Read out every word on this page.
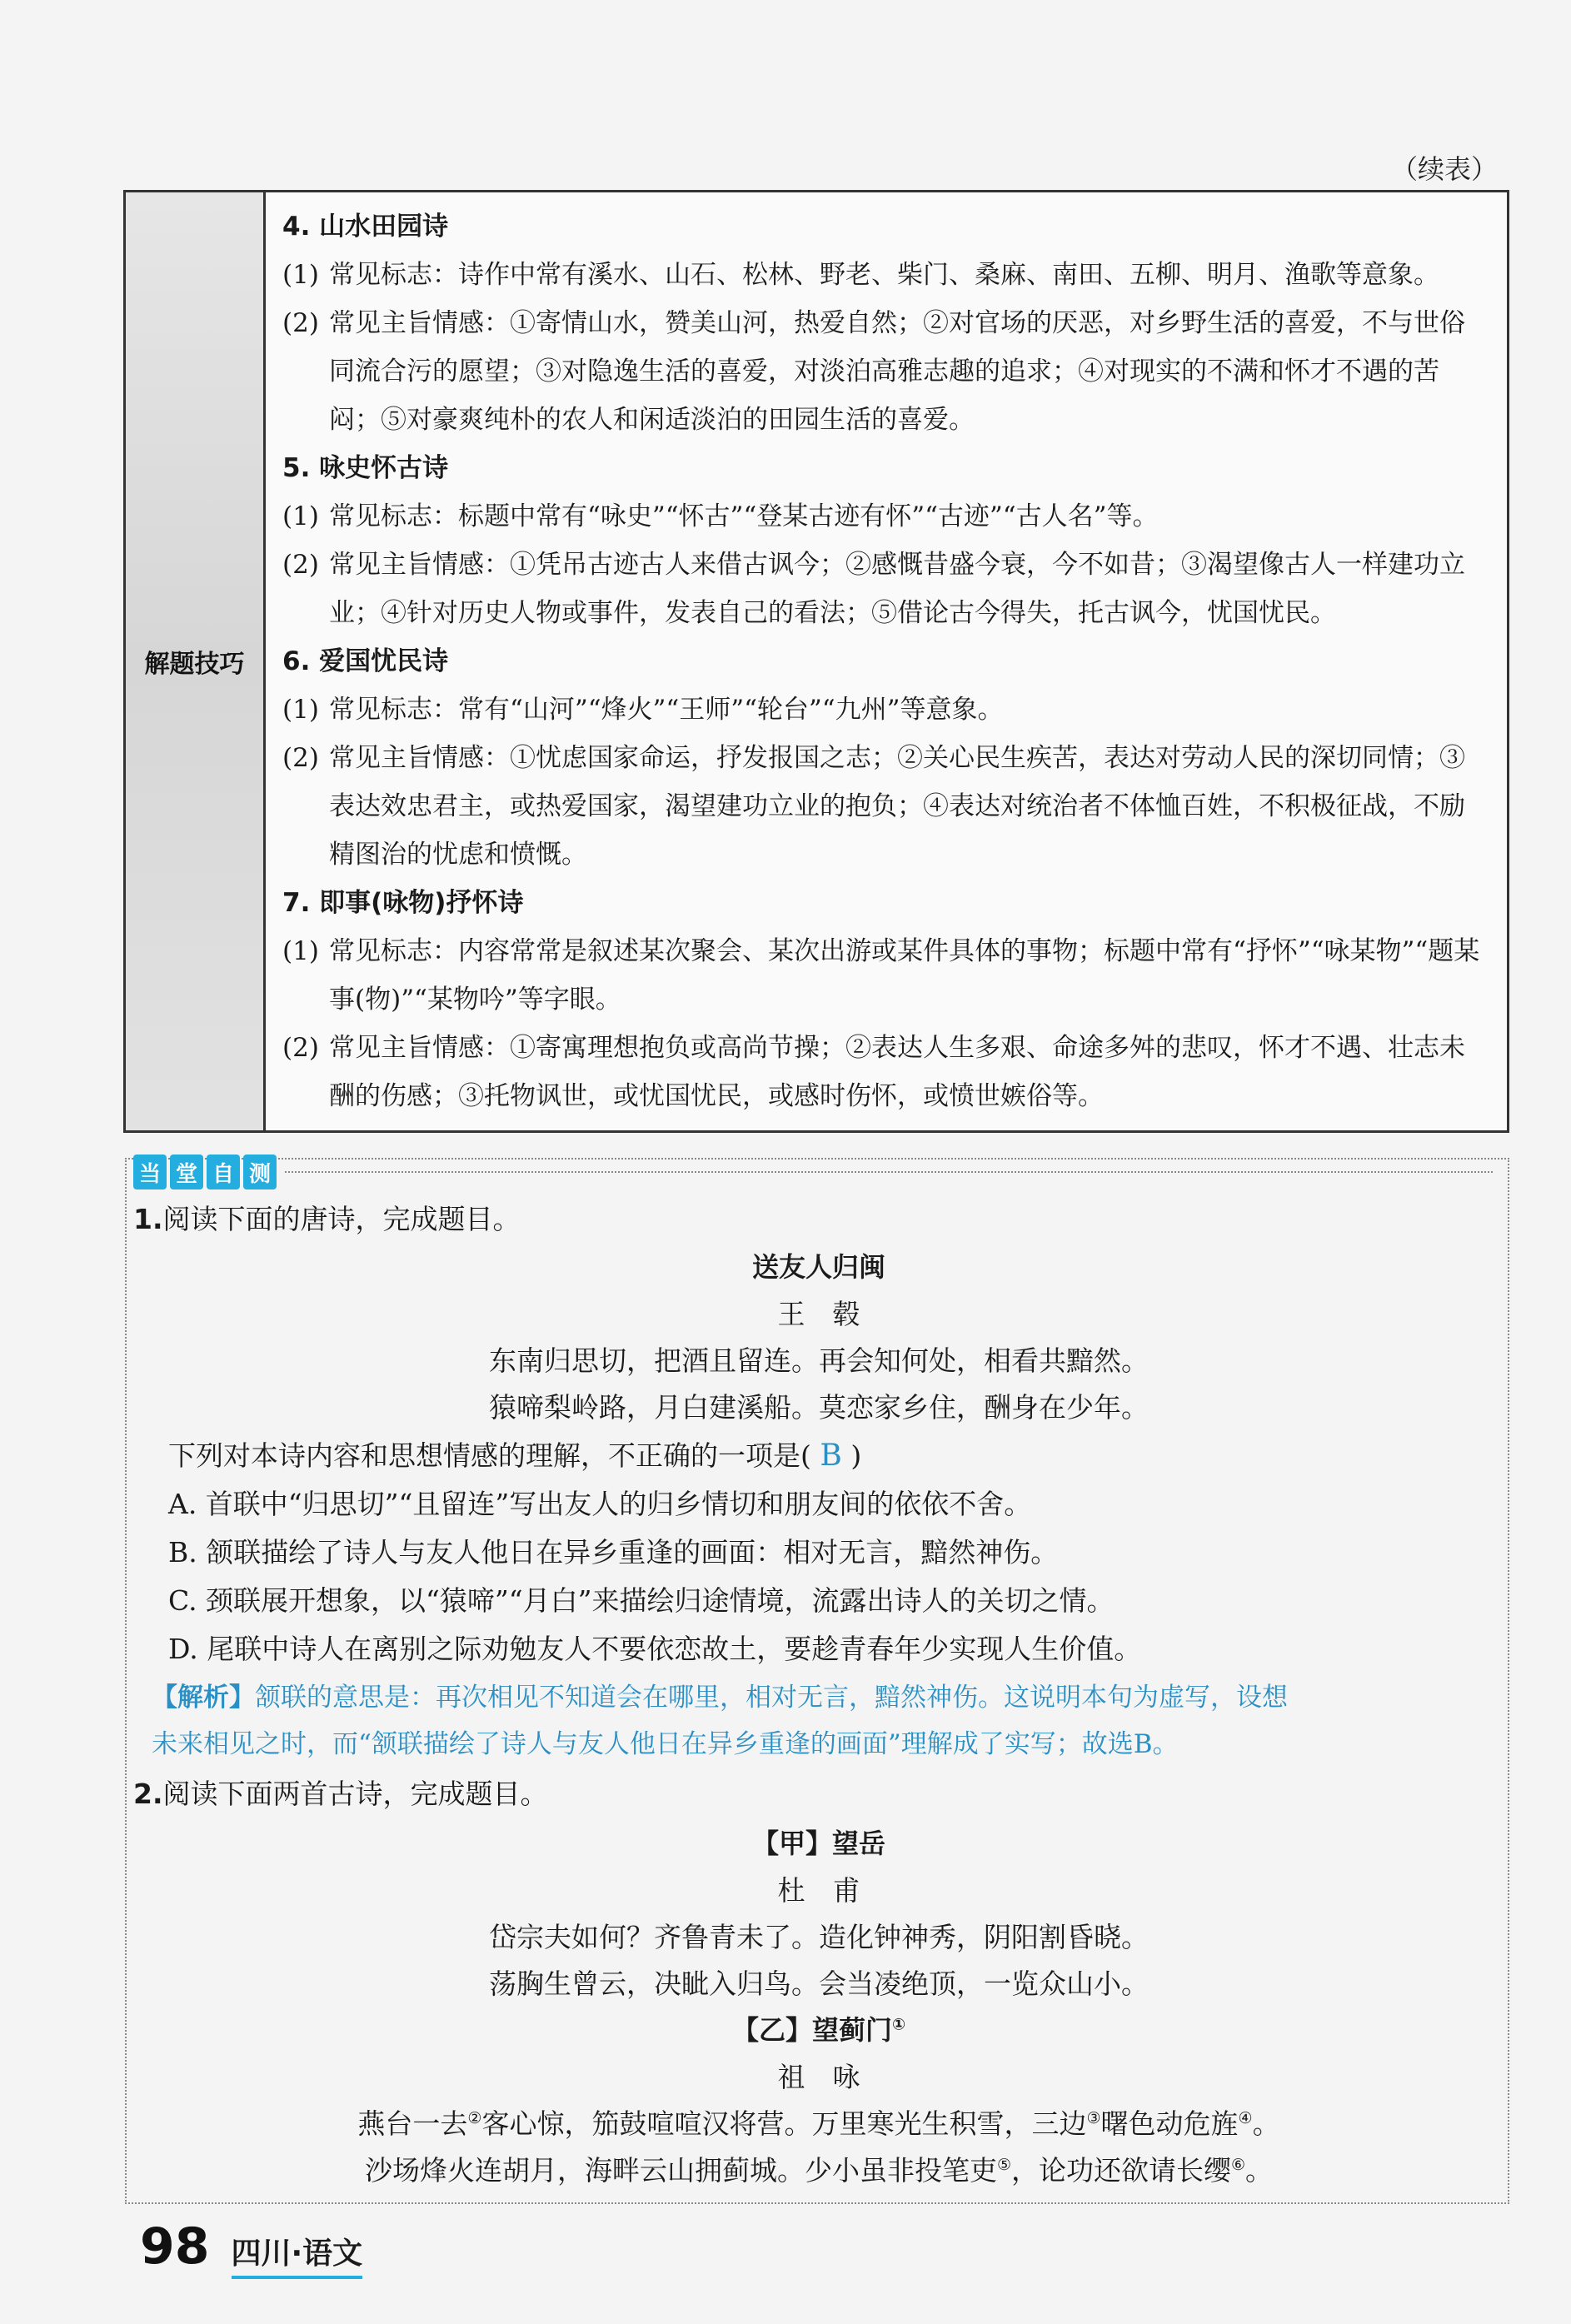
（续表）
解题技巧
4. 山水田园诗
(1) 常见标志：诗作中常有溪水、山石、松林、野老、柴门、桑麻、南田、五柳、明月、渔歌等意象。
(2) 常见主旨情感：①寄情山水，赞美山河，热爱自然；②对官场的厌恶，对乡野生活的喜爱，不与世俗同流合污的愿望；③对隐逸生活的喜爱，对淡泊高雅志趣的追求；④对现实的不满和怀才不遇的苦闷；⑤对豪爽纯朴的农人和闲适淡泊的田园生活的喜爱。
5. 咏史怀古诗
(1) 常见标志：标题中常有“咏史”“怀古”“登某古迹有怀”“古迹”“古人名”等。
(2) 常见主旨情感：①凭吊古迹古人来借古讽今；②感慨昔盛今衰，今不如昔；③渴望像古人一样建功立业；④针对历史人物或事件，发表自己的看法；⑤借论古今得失，托古讽今，忧国忧民。
6. 爱国忧民诗
(1) 常见标志：常有“山河”“烽火”“王师”“轮台”“九州”等意象。
(2) 常见主旨情感：①忧虑国家命运，抒发报国之志；②关心民生疾苦，表达对劳动人民的深切同情；③表达效忠君主，或热爱国家，渴望建功立业的抱负；④表达对统治者不体恤百姓，不积极征战，不励精图治的忧虑和愤慨。
7. 即事(咏物)抒怀诗
(1) 常见标志：内容常常是叙述某次聚会、某次出游或某件具体的事物；标题中常有“抒怀”“咏某物”“题某事(物)”“某物吟”等字眼。
(2) 常见主旨情感：①寄寓理想抱负或高尚节操；②表达人生多艰、命途多舛的悲叹，怀才不遇、壮志未酬的伤感；③托物讽世，或忧国忧民，或感时伤怀，或愤世嫉俗等。
当 堂 自 测
1.阅读下面的唐诗，完成题目。
送友人归闽
王　毂
东南归思切，把酒且留连。再会知何处，相看共黯然。
猿啼梨岭路，月白建溪船。莫恋家乡住，酬身在少年。
下列对本诗内容和思想情感的理解，不正确的一项是( B )
A. 首联中“归思切”“且留连”写出友人的归乡情切和朋友间的依依不舍。
B. 颔联描绘了诗人与友人他日在异乡重逢的画面：相对无言，黯然神伤。
C. 颈联展开想象，以“猿啼”“月白”来描绘归途情境，流露出诗人的关切之情。
D. 尾联中诗人在离别之际劝勉友人不要依恋故土，要趁青春年少实现人生价值。
【解析】颔联的意思是：再次相见不知道会在哪里，相对无言，黯然神伤。这说明本句为虚写，设想
未来相见之时，而“颔联描绘了诗人与友人他日在异乡重逢的画面”理解成了实写；故选B。
2.阅读下面两首古诗，完成题目。
【甲】望岳
杜　甫
岱宗夫如何？齐鲁青未了。造化钟神秀，阴阳割昏晓。
荡胸生曾云，决眦入归鸟。会当凌绝顶，一览众山小。
【乙】望蓟门①
祖　咏
燕台一去②客心惊，笳鼓喧喧汉将营。万里寒光生积雪，三边③曙色动危旌④。
沙场烽火连胡月，海畔云山拥蓟城。少小虽非投笔吏⑤，论功还欲请长缨⑥。
98 四川·语文
